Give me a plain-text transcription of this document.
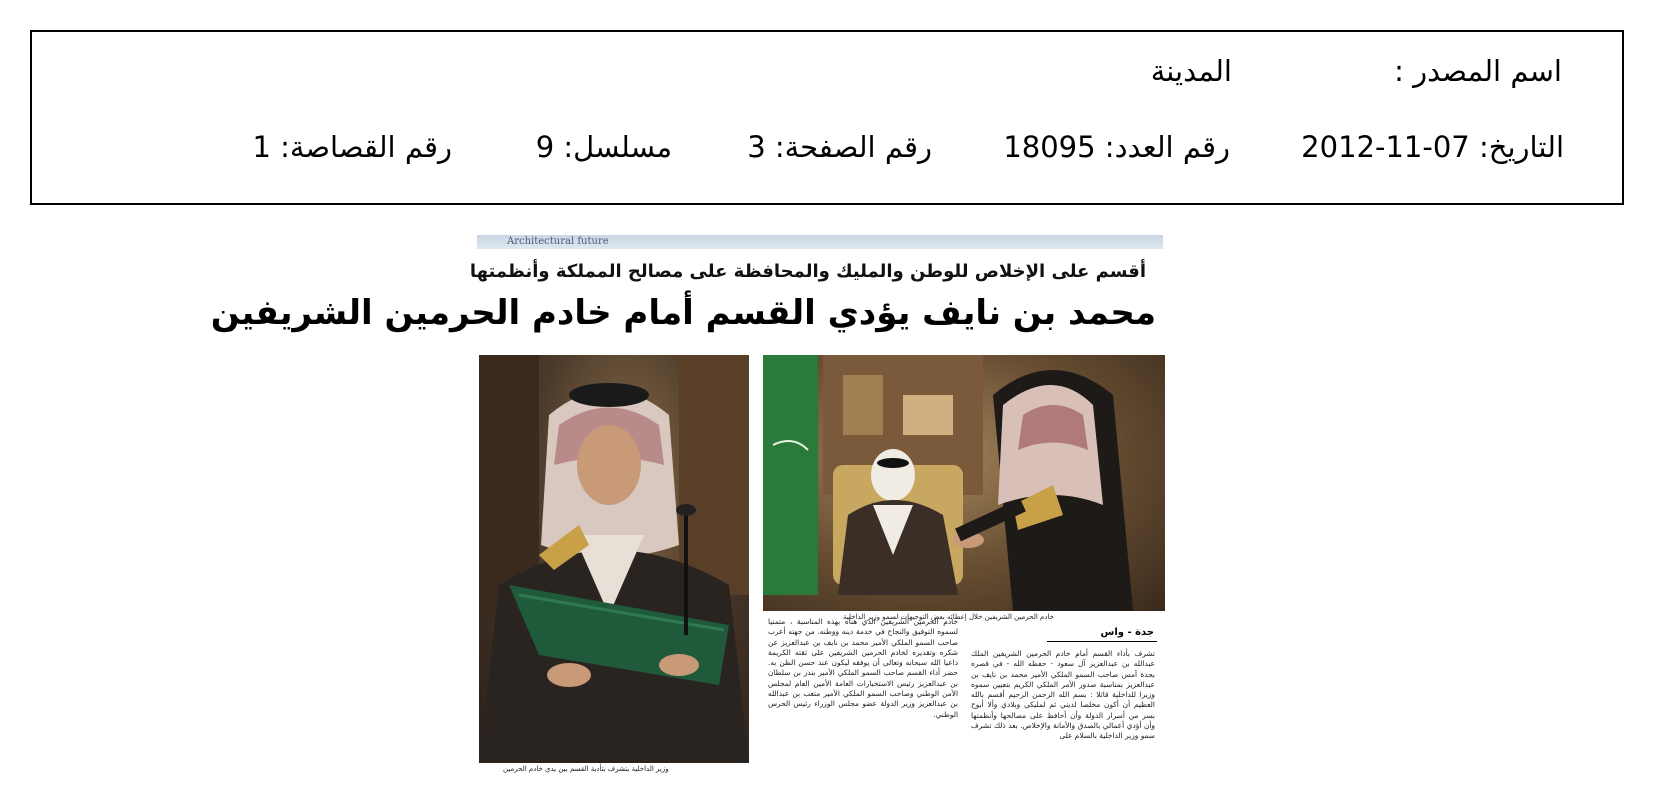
اسم المصدر :
المدينة
التاريخ: 07-11-2012
رقم العدد: 18095
رقم الصفحة: 3
مسلسل: 9
رقم القصاصة: 1
Architectural future
أقسم على الإخلاص للوطن والمليك والمحافظة على مصالح المملكة وأنظمتها
محمد بن نايف يؤدي القسم أمام خادم الحرمين الشريفين
خادم الحرمين الشريفين خلال إعطائه بعض التوجيهات لسمو وزير الداخلية
وزير الداخلية يتشرف بتأدية القسم بين يدي خادم الحرمين
جدة - واس
تشرف بأداء القسم أمام خادم الحرمين الشريفين الملك عبدالله بن عبدالعزيز آل سعود - حفظه الله - في قصره بجدة أمس صاحب السمو الملكي الأمير محمد بن نايف بن عبدالعزيز بمناسبة صدور الأمر الملكي الكريم بتعيين سموه وزيرا للداخلية قائلا : بسم الله الرحمن الرحيم أقسم بالله العظيم أن أكون مخلصا لديني ثم لمليكي وبلادي وألا أبوح بسر من أسرار الدولة وأن أحافظ على مصالحها وأنظمتها وأن أؤدي أعمالي بالصدق والأمانة والإخلاص. بعد ذلك تشرف سمو وزير الداخلية بالسلام على
خادم الحرمين الشريفين الذي هنأه بهذه المناسبة ، متمنيا لسموه التوفيق والنجاح في خدمة دينه ووطنه. من جهته أعرب صاحب السمو الملكي الأمير محمد بن نايف بن عبدالعزيز عن شكره وتقديره لخادم الحرمين الشريفين على ثقته الكريمة داعيا الله سبحانه وتعالى أن يوفقه ليكون عند حسن الظن به. حضر أداء القسم صاحب السمو الملكي الأمير بندر بن سلطان بن عبدالعزيز رئيس الاستخبارات العامة الأمين العام لمجلس الأمن الوطني وصاحب السمو الملكي الأمير متعب بن عبدالله بن عبدالعزيز وزير الدولة عضو مجلس الوزراء رئيس الحرس الوطني.
